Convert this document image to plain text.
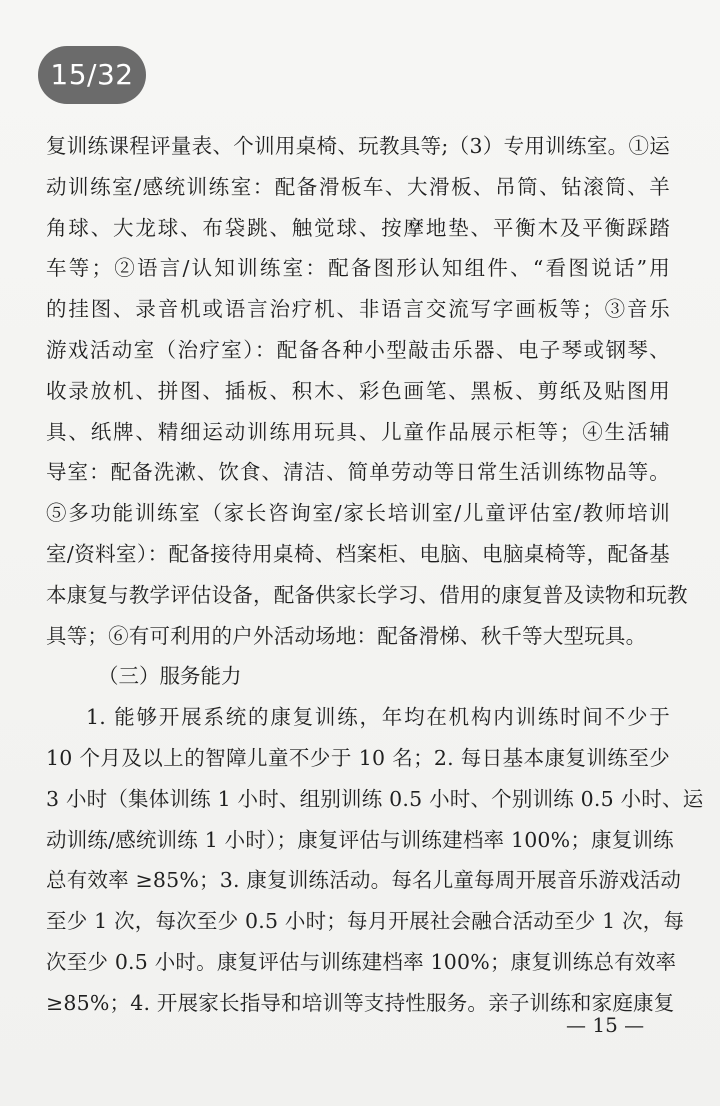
15/32
复训练课程评量表、个训用桌椅、玩教具等;（3）专用训练室。①运
动训练室/感统训练室：配备滑板车、大滑板、吊筒、钻滚筒、羊
角球、大龙球、布袋跳、触觉球、按摩地垫、平衡木及平衡踩踏
车等；②语言/认知训练室：配备图形认知组件、“看图说话”用
的挂图、录音机或语言治疗机、非语言交流写字画板等；③音乐
游戏活动室（治疗室）：配备各种小型敲击乐器、电子琴或钢琴、
收录放机、拼图、插板、积木、彩色画笔、黑板、剪纸及贴图用
具、纸牌、精细运动训练用玩具、儿童作品展示柜等；④生活辅
导室：配备洗漱、饮食、清洁、简单劳动等日常生活训练物品等。
⑤多功能训练室（家长咨询室/家长培训室/儿童评估室/教师培训
室/资料室）：配备接待用桌椅、档案柜、电脑、电脑桌椅等，配备基
本康复与教学评估设备，配备供家长学习、借用的康复普及读物和玩教
具等；⑥有可利用的户外活动场地：配备滑梯、秋千等大型玩具。
（三）服务能力
1. 能够开展系统的康复训练，年均在机构内训练时间不少于
10 个月及以上的智障儿童不少于 10 名；2. 每日基本康复训练至少
3 小时（集体训练 1 小时、组别训练 0.5 小时、个别训练 0.5 小时、运
动训练/感统训练 1 小时）；康复评估与训练建档率 100%；康复训练
总有效率 ≥85%；3. 康复训练活动。每名儿童每周开展音乐游戏活动
至少 1 次，每次至少 0.5 小时；每月开展社会融合活动至少 1 次，每
次至少 0.5 小时。康复评估与训练建档率 100%；康复训练总有效率
≥85%；4. 开展家长指导和培训等支持性服务。亲子训练和家庭康复
— 15 —
